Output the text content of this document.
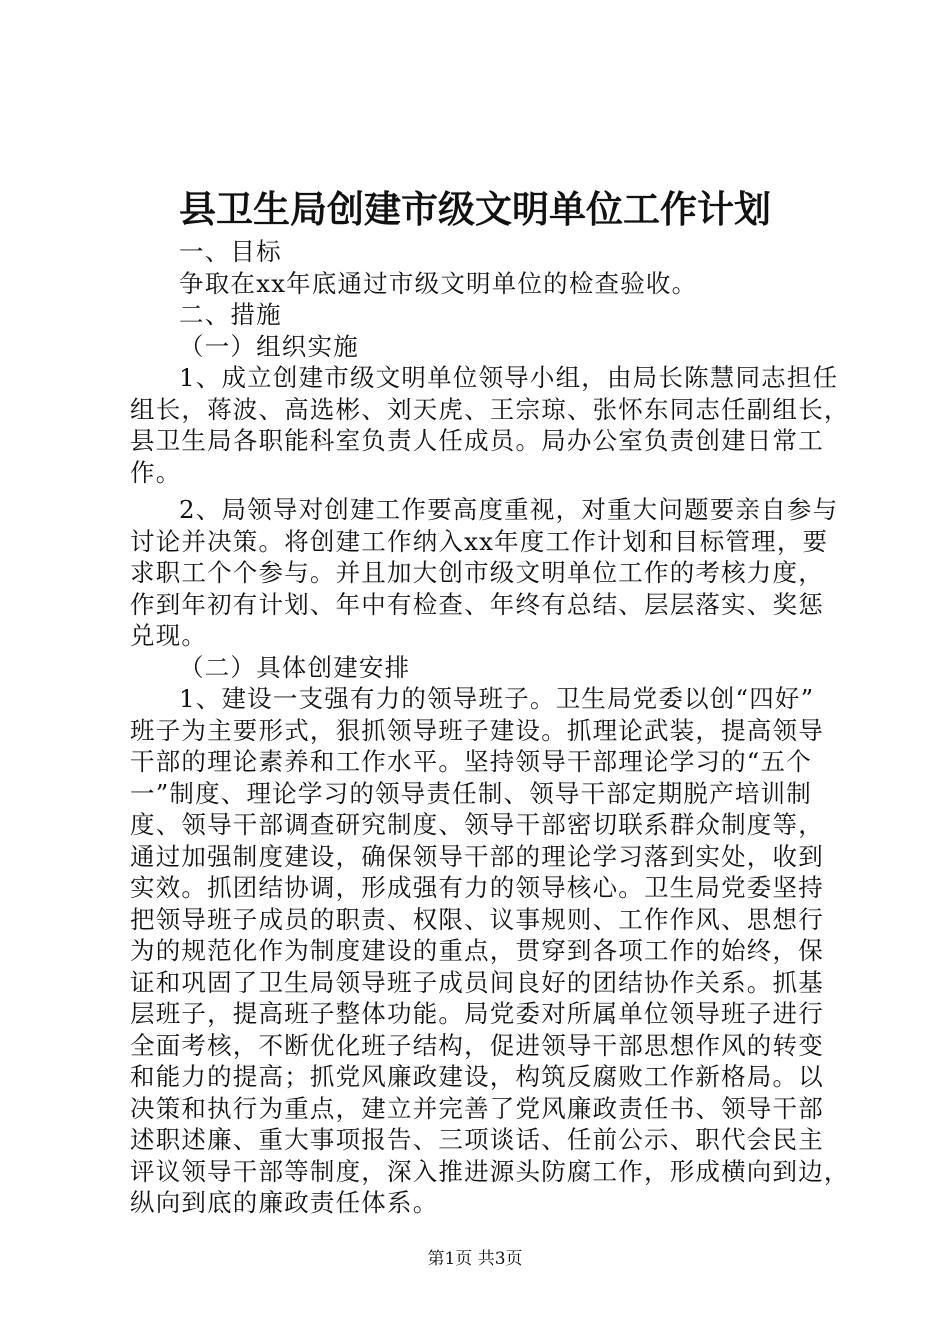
县卫生局创建市级文明单位工作计划
一、目标
争取在xx年底通过市级文明单位的检查验收。
二、措施
（一）组织实施
1、成立创建市级文明单位领导小组，由局长陈慧同志担任
组长，蒋波、高选彬、刘天虎、王宗琼、张怀东同志任副组长，
县卫生局各职能科室负责人任成员。局办公室负责创建日常工
作。
2、局领导对创建工作要高度重视，对重大问题要亲自参与
讨论并决策。将创建工作纳入xx年度工作计划和目标管理，要
求职工个个参与。并且加大创市级文明单位工作的考核力度，
作到年初有计划、年中有检查、年终有总结、层层落实、奖惩
兑现。
（二）具体创建安排
1、建设一支强有力的领导班子。卫生局党委以创“四好”
班子为主要形式，狠抓领导班子建设。抓理论武装，提高领导
干部的理论素养和工作水平。坚持领导干部理论学习的“五个
一”制度、理论学习的领导责任制、领导干部定期脱产培训制
度、领导干部调查研究制度、领导干部密切联系群众制度等，
通过加强制度建设，确保领导干部的理论学习落到实处，收到
实效。抓团结协调，形成强有力的领导核心。卫生局党委坚持
把领导班子成员的职责、权限、议事规则、工作作风、思想行
为的规范化作为制度建设的重点，贯穿到各项工作的始终，保
证和巩固了卫生局领导班子成员间良好的团结协作关系。抓基
层班子，提高班子整体功能。局党委对所属单位领导班子进行
全面考核，不断优化班子结构，促进领导干部思想作风的转变
和能力的提高；抓党风廉政建设，构筑反腐败工作新格局。以
决策和执行为重点，建立并完善了党风廉政责任书、领导干部
述职述廉、重大事项报告、三项谈话、任前公示、职代会民主
评议领导干部等制度，深入推进源头防腐工作，形成横向到边，
纵向到底的廉政责任体系。
第1页 共3页
